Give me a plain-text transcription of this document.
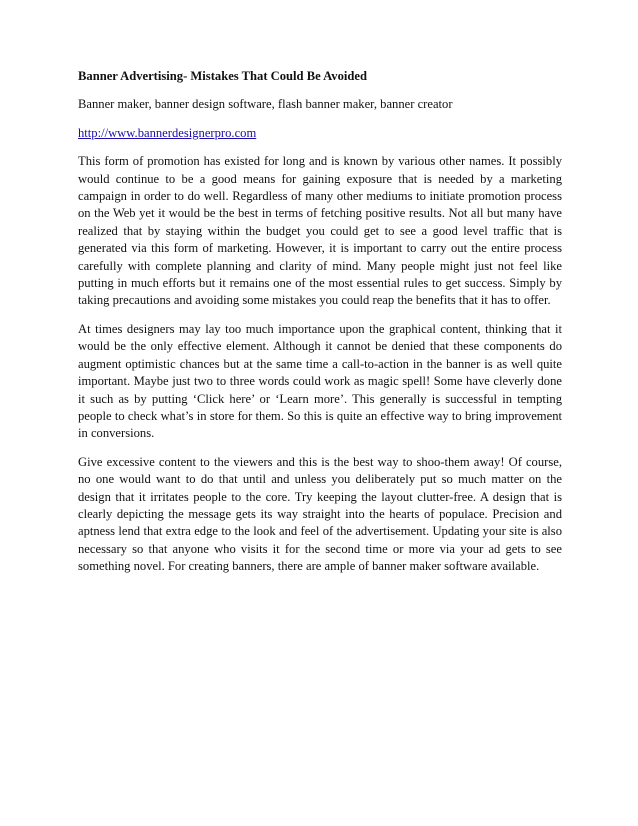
Banner Advertising- Mistakes That Could Be Avoided
Banner maker, banner design software, flash banner maker, banner creator
http://www.bannerdesignerpro.com

This form of promotion has existed for long and is known by various other names. It possibly would continue to be a good means for gaining exposure that is needed by a marketing campaign in order to do well. Regardless of many other mediums to initiate promotion process on the Web yet it would be the best in terms of fetching positive results. Not all but many have realized that by staying within the budget you could get to see a good level traffic that is generated via this form of marketing. However, it is important to carry out the entire process carefully with complete planning and clarity of mind. Many people might just not feel like putting in much efforts but it remains one of the most essential rules to get success. Simply by taking precautions and avoiding some mistakes you could reap the benefits that it has to offer.

At times designers may lay too much importance upon the graphical content, thinking that it would be the only effective element. Although it cannot be denied that these components do augment optimistic chances but at the same time a call-to-action in the banner is as well quite important. Maybe just two to three words could work as magic spell! Some have cleverly done it such as by putting ‘Click here’ or ‘Learn more’. This generally is successful in tempting people to check what’s in store for them. So this is quite an effective way to bring improvement in conversions.

Give excessive content to the viewers and this is the best way to shoo-them away! Of course, no one would want to do that until and unless you deliberately put so much matter on the design that it irritates people to the core. Try keeping the layout clutter-free. A design that is clearly depicting the message gets its way straight into the hearts of populace. Precision and aptness lend that extra edge to the look and feel of the advertisement. Updating your site is also necessary so that anyone who visits it for the second time or more via your ad gets to see something novel. For creating banners, there are ample of banner maker software available.
